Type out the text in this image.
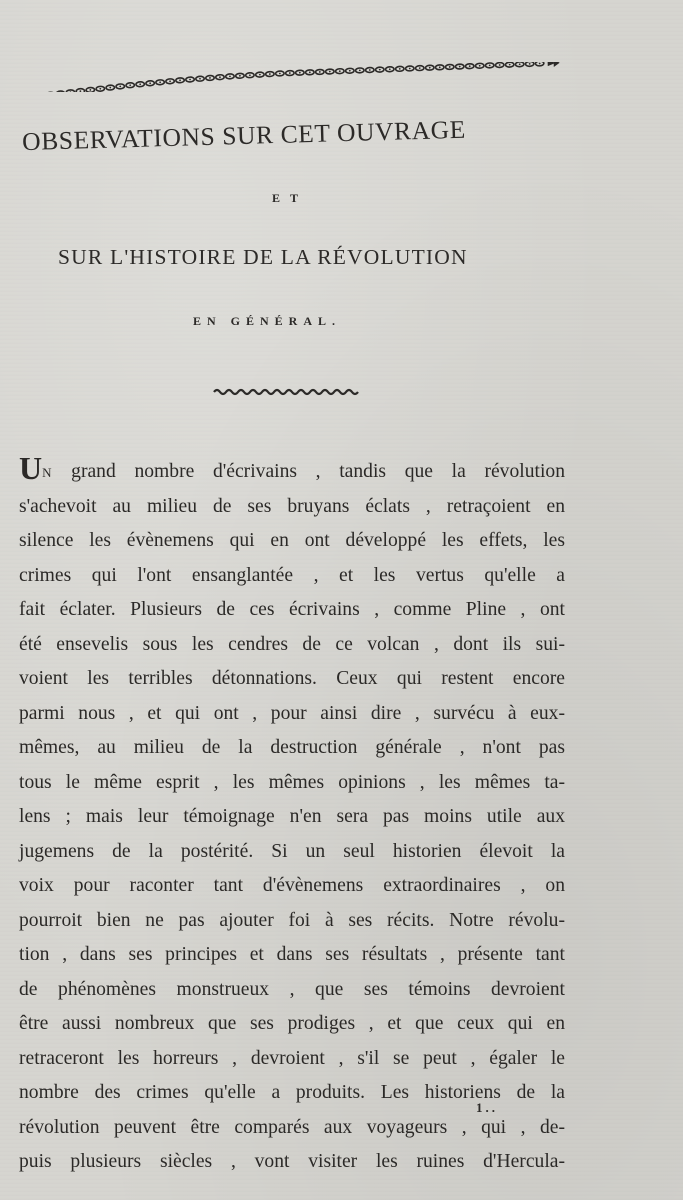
OBSERVATIONS SUR CET OUVRAGE
ET
SUR L'HISTOIRE DE LA RÉVOLUTION
EN GÉNÉRAL.
UN grand nombre d'écrivains , tandis que la révolution
s'achevoit au milieu de ses bruyans éclats , retraçoient en
silence les évènemens qui en ont développé les effets, les
crimes qui l'ont ensanglantée , et les vertus qu'elle a
fait éclater. Plusieurs de ces écrivains , comme Pline , ont
été ensevelis sous les cendres de ce volcan , dont ils sui-
voient les terribles détonnations. Ceux qui restent encore
parmi nous , et qui ont , pour ainsi dire , survécu à eux-
mêmes, au milieu de la destruction générale , n'ont pas
tous le même esprit , les mêmes opinions , les mêmes ta-
lens ; mais leur témoignage n'en sera pas moins utile aux
jugemens de la postérité. Si un seul historien élevoit la
voix pour raconter tant d'évènemens extraordinaires , on
pourroit bien ne pas ajouter foi à ses récits. Notre révolu-
tion , dans ses principes et dans ses résultats , présente tant
de phénomènes monstrueux , que ses témoins devroient
être aussi nombreux que ses prodiges , et que ceux qui en
retraceront les horreurs , devroient , s'il se peut , égaler le
nombre des crimes qu'elle a produits. Les historiens de la
révolution peuvent être comparés aux voyageurs , qui , de-
puis plusieurs siècles , vont visiter les ruines d'Hercula-
1..
